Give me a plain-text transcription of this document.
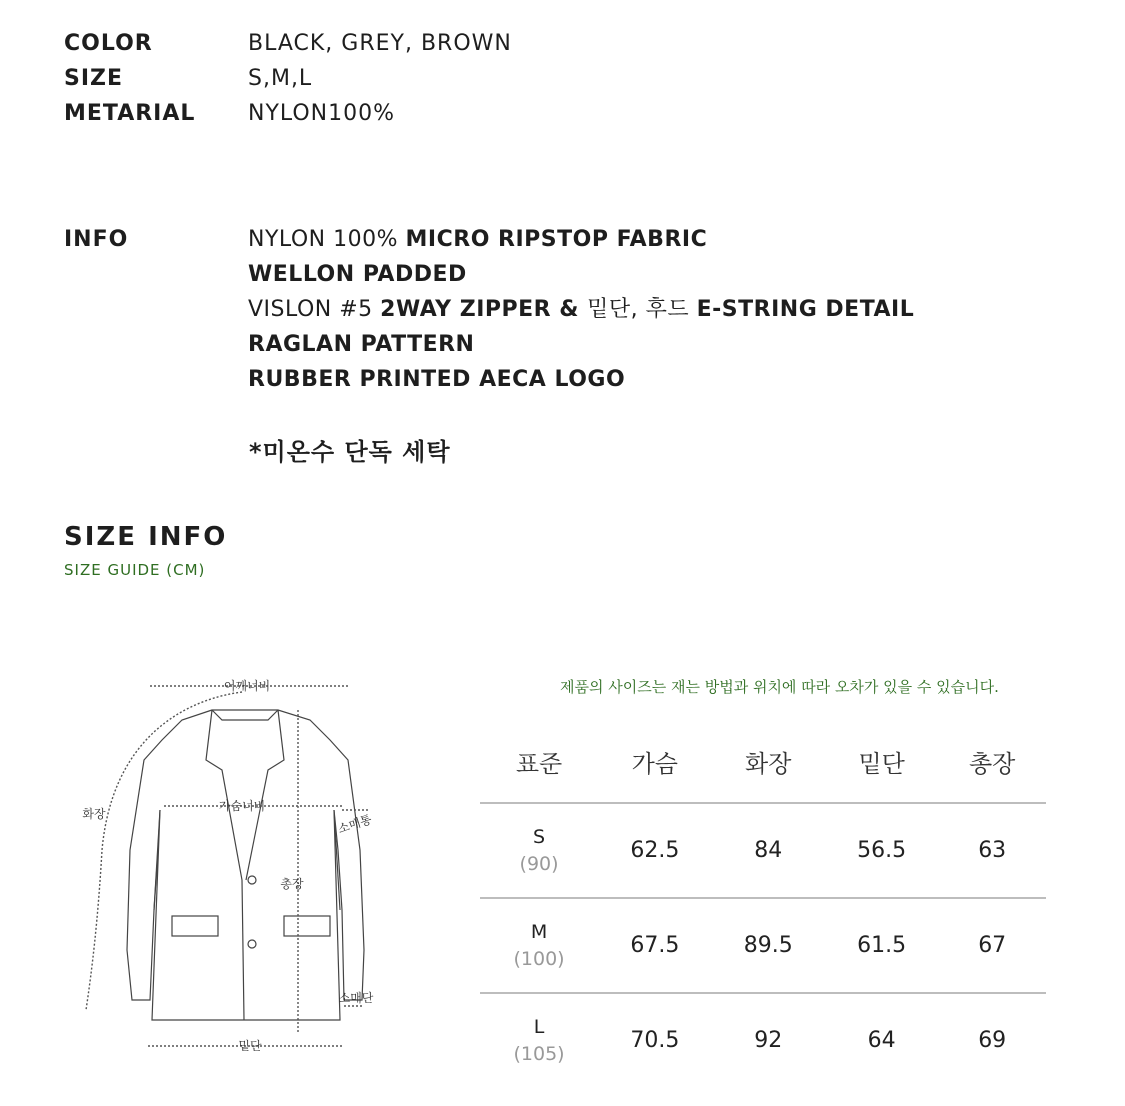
COLOR	BLACK, GREY, BROWN
SIZE	S,M,L
METARIAL	NYLON100%
INFO	NYLON 100% MICRO RIPSTOP FABRIC
WELLON PADDED
VISLON #5 2WAY ZIPPER & 밑단, 후드 E-STRING DETAIL
RAGLAN PATTERN
RUBBER PRINTED AECA LOGO
*미온수 단독 세탁
SIZE INFO
SIZE GUIDE (CM)
어깨너비
가슴너비
화장	소매통
총장
소매단
밑단
제품의 사이즈는 재는 방법과 위치에 따라 오차가 있을 수 있습니다.
표준	가슴	화장	밑단	총장

S
(90)	62.5	84	56.5	63

M
(100)	67.5	89.5	61.5	67

L
(105)	70.5	92	64	69
